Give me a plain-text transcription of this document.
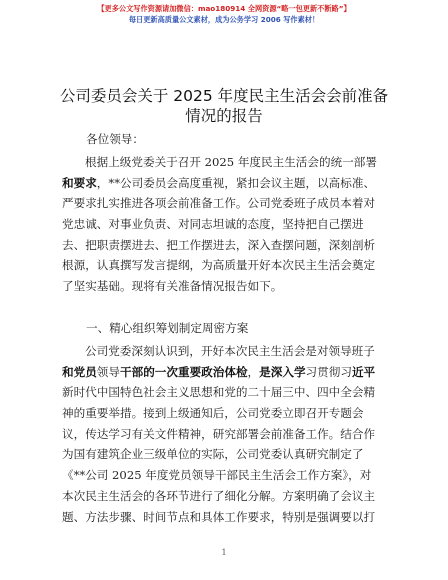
【更多公文写作资源请加微信：mao180914 全网资源“略一包更新不断路”】
每日更新高质量公文素材，成为公务学习 2006 写作素材！
公司委员会关于 2025 年度民主生活会会前准备
情况的报告
各位领导：
根据上级党委关于召开 2025 年度民主生活会的统一部署
和要求，**公司委员会高度重视，紧扣会议主题，以高标准、
严要求扎实推进各项会前准备工作。公司党委班子成员本着对
党忠诚、对事业负责、对同志坦诚的态度，坚持把自己摆进
去、把职责摆进去、把工作摆进去，深入查摆问题，深刻剖析
根源，认真撰写发言提纲，为高质量开好本次民主生活会奠定
了坚实基础。现将有关准备情况报告如下。
一、精心组织筹划制定周密方案
公司党委深刻认识到，开好本次民主生活会是对领导班子
和党员领导干部的一次重要政治体检，是深入学习贯彻习近平
新时代中国特色社会主义思想和党的二十届三中、四中全会精
神的重要举措。接到上级通知后，公司党委立即召开专题会
议，传达学习有关文件精神，研究部署会前准备工作。结合作
为国有建筑企业三级单位的实际，公司党委认真研究制定了
《**公司 2025 年度党员领导干部民主生活会工作方案》，对
本次民主生活会的各环节进行了细化分解。方案明确了会议主
题、方法步骤、时间节点和具体工作要求，特别是强调要以打
1
